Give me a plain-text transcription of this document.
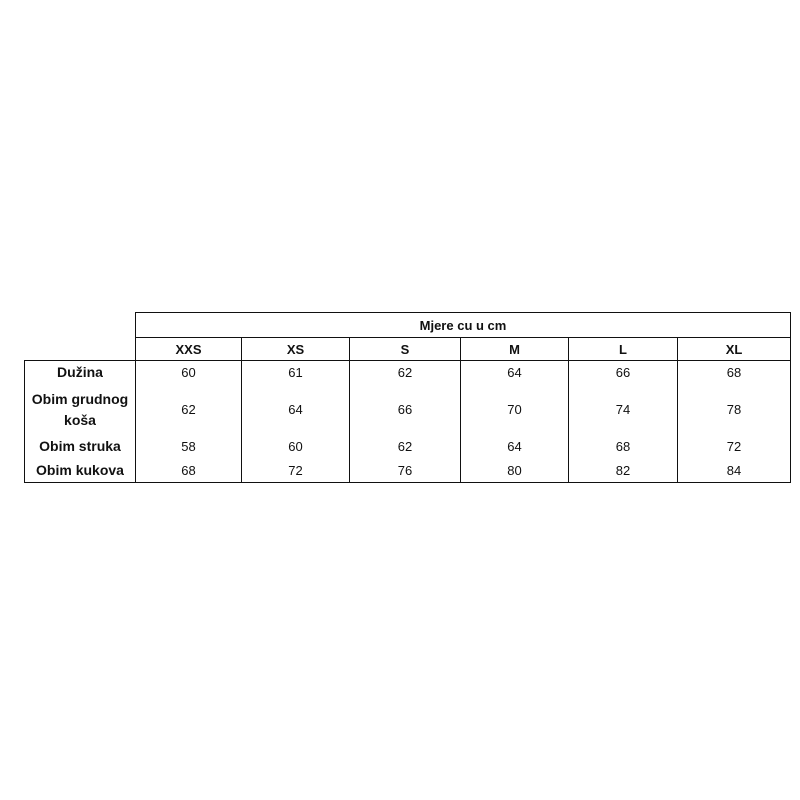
	Mjere cu u cm					
	XXS	XS	S	M	L	XL
Dužina	60	61	62	64	66	68
Obim grudnog koša	62	64	66	70	74	78
Obim struka	58	60	62	64	68	72
Obim kukova	68	72	76	80	82	84
